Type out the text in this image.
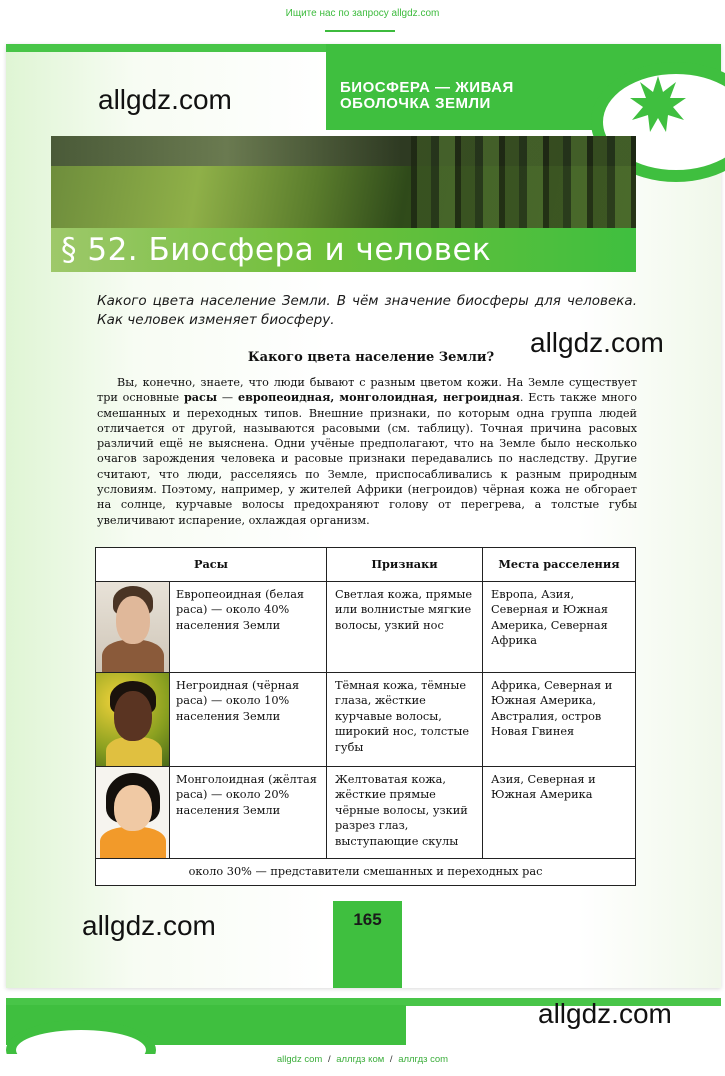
Ищите нас по запросу allgdz.com
БИОСФЕРА — ЖИВАЯ ОБОЛОЧКА ЗЕМЛИ
allgdz.com
§ 52. Биосфера и человек
Какого цвета население Земли. В чём значение биосферы для человека. Как человек изменяет биосферу.
allgdz.com
Какого цвета население Земли?
Вы, конечно, знаете, что люди бывают с разным цветом кожи. На Земле существует три основные расы — европеоидная, монголоидная, негроидная. Есть также много смешанных и переходных типов. Внешние признаки, по которым одна группа людей отличается от другой, называются расовыми (см. таблицу). Точная причина расовых различий ещё не выяснена. Одни учёные предполагают, что на Земле было несколько очагов зарождения человека и расовые признаки передавались по наследству. Другие считают, что люди, расселяясь по Земле, приспосабливались к разным природным условиям. Поэтому, например, у жителей Африки (негроидов) чёрная кожа не обгорает на солнце, курчавые волосы предохраняют голову от перегрева, а толстые губы увеличивают испарение, охлаждая организм.
Расы		Признаки	Места расселения

	Европеоидная (белая раса) — около 40% населения Земли	Светлая кожа, прямые или волнистые мягкие волосы, узкий нос	Европа, Азия, Северная и Южная Америка, Северная Африка

	Негроидная (чёрная раса) — около 10% населения Земли	Тёмная кожа, тёмные глаза, жёсткие курчавые волосы, широкий нос, толстые губы	Африка, Северная и Южная Америка, Австралия, остров Новая Гвинея

	Монголоидная (жёлтая раса) — около 20% населения Земли	Желтоватая кожа, жёсткие прямые чёрные волосы, узкий разрез глаз, выступающие скулы	Азия, Северная и Южная Америка
около 30% — представители смешанных и переходных рас			
allgdz.com	165
allgdz.com
allgdz com / аллгдз ком / аллгдз com
